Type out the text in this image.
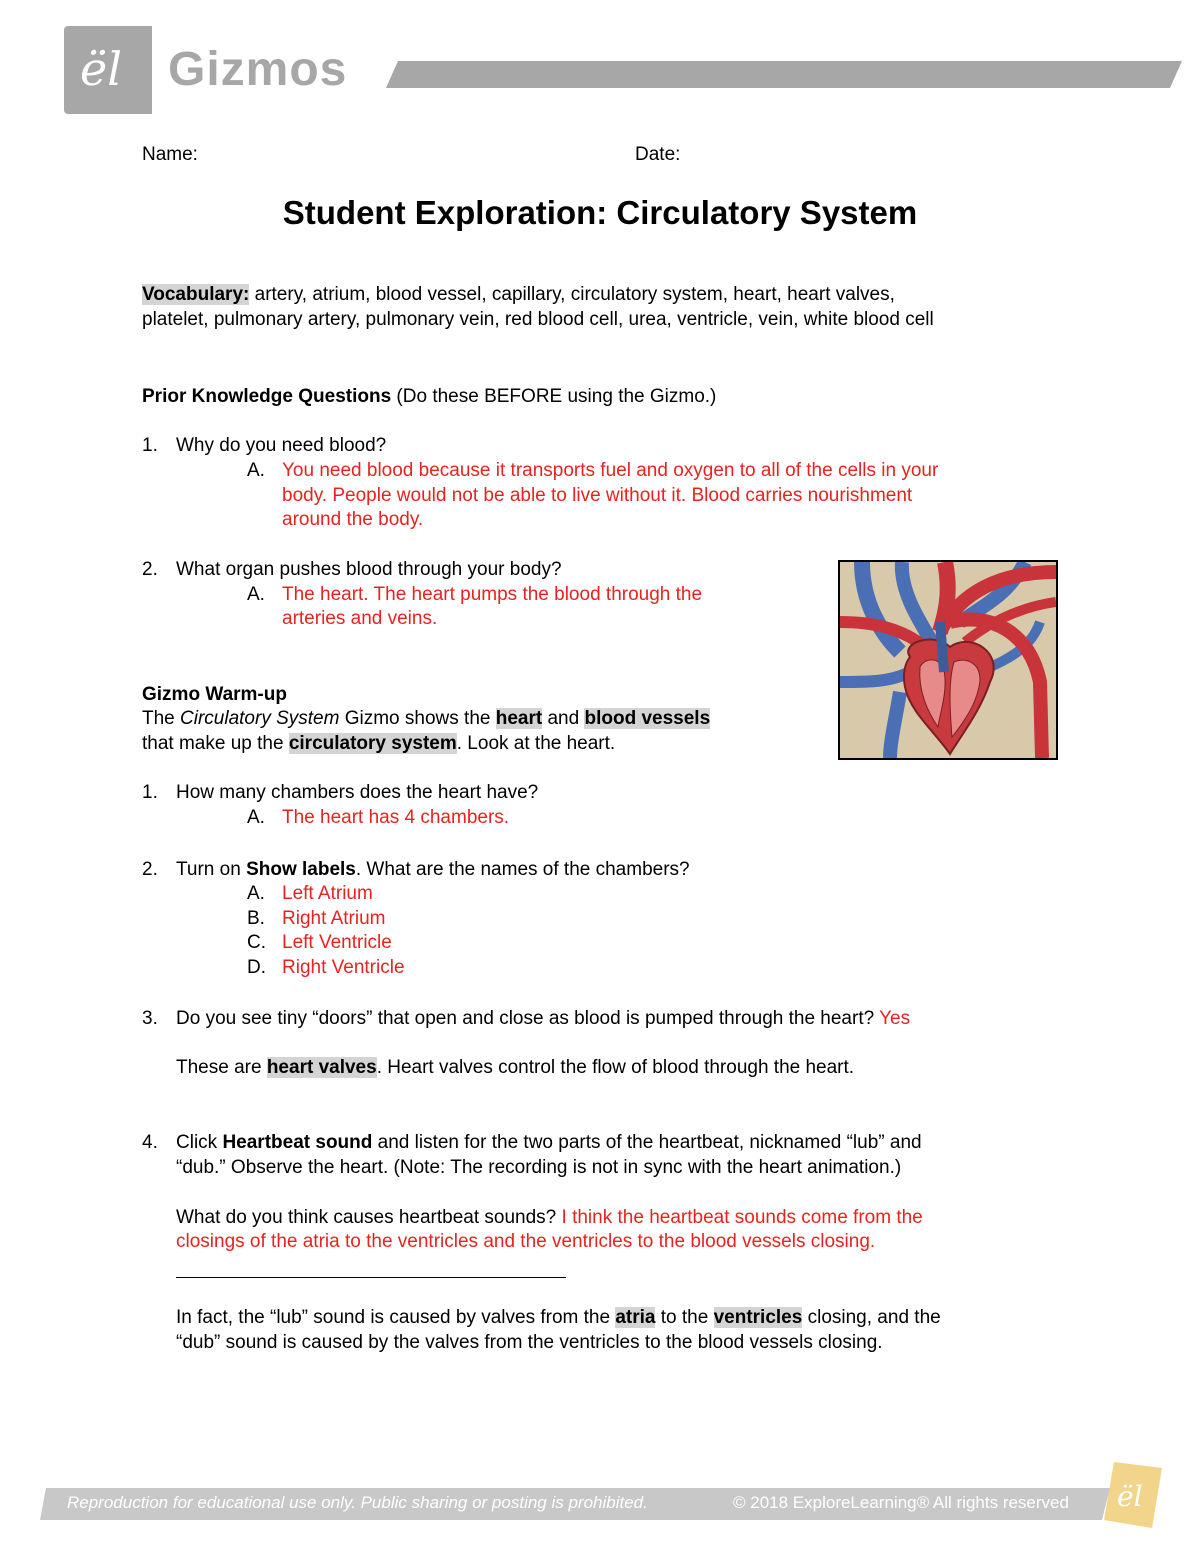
ël Gizmos
Name:	Date:
Student Exploration: Circulatory System
Vocabulary: artery, atrium, blood vessel, capillary, circulatory system, heart, heart valves,
platelet, pulmonary artery, pulmonary vein, red blood cell, urea, ventricle, vein, white blood cell
Prior Knowledge Questions (Do these BEFORE using the Gizmo.)
1. Why do you need blood?
A. You need blood because it transports fuel and oxygen to all of the cells in your
body. People would not be able to live without it. Blood carries nourishment
around the body.
2. What organ pushes blood through your body?
A. The heart. The heart pumps the blood through the
arteries and veins.
Gizmo Warm-up
The Circulatory System Gizmo shows the heart and blood vessels
that make up the circulatory system. Look at the heart.
1. How many chambers does the heart have?
A. The heart has 4 chambers.
2. Turn on Show labels. What are the names of the chambers?
A. Left Atrium
B. Right Atrium
C. Left Ventricle
D. Right Ventricle
3. Do you see tiny “doors” that open and close as blood is pumped through the heart? Yes
These are heart valves. Heart valves control the flow of blood through the heart.
4. Click Heartbeat sound and listen for the two parts of the heartbeat, nicknamed “lub” and
“dub.” Observe the heart. (Note: The recording is not in sync with the heart animation.)
What do you think causes heartbeat sounds? I think the heartbeat sounds come from the
closings of the atria to the ventricles and the ventricles to the blood vessels closing.
In fact, the “lub” sound is caused by valves from the atria to the ventricles closing, and the
“dub” sound is caused by the valves from the ventricles to the blood vessels closing.
Reproduction for educational use only. Public sharing or posting is prohibited.	© 2018 ExploreLearning® All rights reserved ël
